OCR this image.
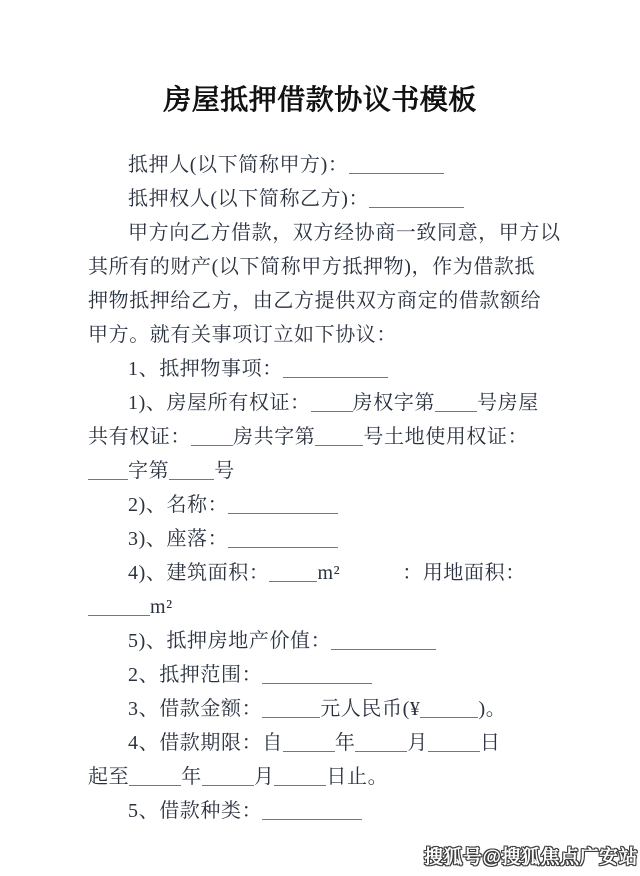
房屋抵押借款协议书模板
抵押人(以下简称甲方)：
抵押权人(以下简称乙方)：
甲方向乙方借款，双方经协商一致同意，甲方以
其所有的财产(以下简称甲方抵押物)，作为借款抵
押物抵押给乙方，由乙方提供双方商定的借款额给
甲方。就有关事项订立如下协议：
1、抵押物事项：
1)、房屋所有权证： 房权字第 号房屋
共有权证： 房共字第 号土地使用权证：
字第 号
2)、名称：
3)、座落：
4)、建筑面积： m²	：用地面积：
m²
5)、抵押房地产价值：
2、抵押范围：
3、借款金额：	元人民币(¥	)。
4、借款期限：自	年	月	日
起至	年	月	日止。
5、借款种类：
搜狐号@搜狐焦点广安站
